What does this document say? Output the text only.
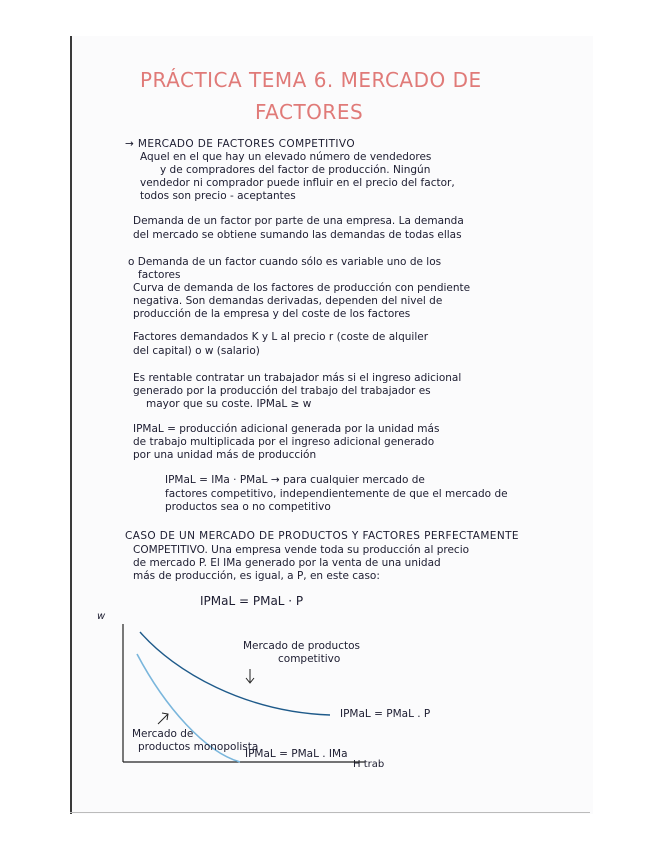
PRÁCTICA TEMA 6. MERCADO DE
FACTORES
→ MERCADO DE FACTORES COMPETITIVO
Aquel en el que hay un elevado número de vendedores
y de compradores del factor de producción. Ningún
vendedor ni comprador puede influir en el precio del factor,
todos son precio - aceptantes
Demanda de un factor por parte de una empresa. La demanda
del mercado se obtiene sumando las demandas de todas ellas
o Demanda de un factor cuando sólo es variable uno de los
factores
Curva de demanda de los factores de producción con pendiente
negativa. Son demandas derivadas, dependen del nivel de
producción de la empresa y del coste de los factores
Factores demandados K y L al precio r (coste de alquiler
del capital) o w (salario)
Es rentable contratar un trabajador más si el ingreso adicional
generado por la producción del trabajo del trabajador es
mayor que su coste. IPMaL ≥ w
IPMaL = producción adicional generada por la unidad más
de trabajo multiplicada por el ingreso adicional generado
por una unidad más de producción
IPMaL = IMa · PMaL → para cualquier mercado de
factores competitivo, independientemente de que el mercado de
productos sea o no competitivo
CASO DE UN MERCADO DE PRODUCTOS Y FACTORES PERFECTAMENTE
COMPETITIVO. Una empresa vende toda su producción al precio
de mercado P. El IMa generado por la venta de una unidad
más de producción, es igual, a P, en este caso:
IPMaL = PMaL · P
w
H trab
Mercado de productos
competitivo
Mercado de
productos monopolista
IPMaL = PMaL . P
IPMaL = PMaL . IMa
